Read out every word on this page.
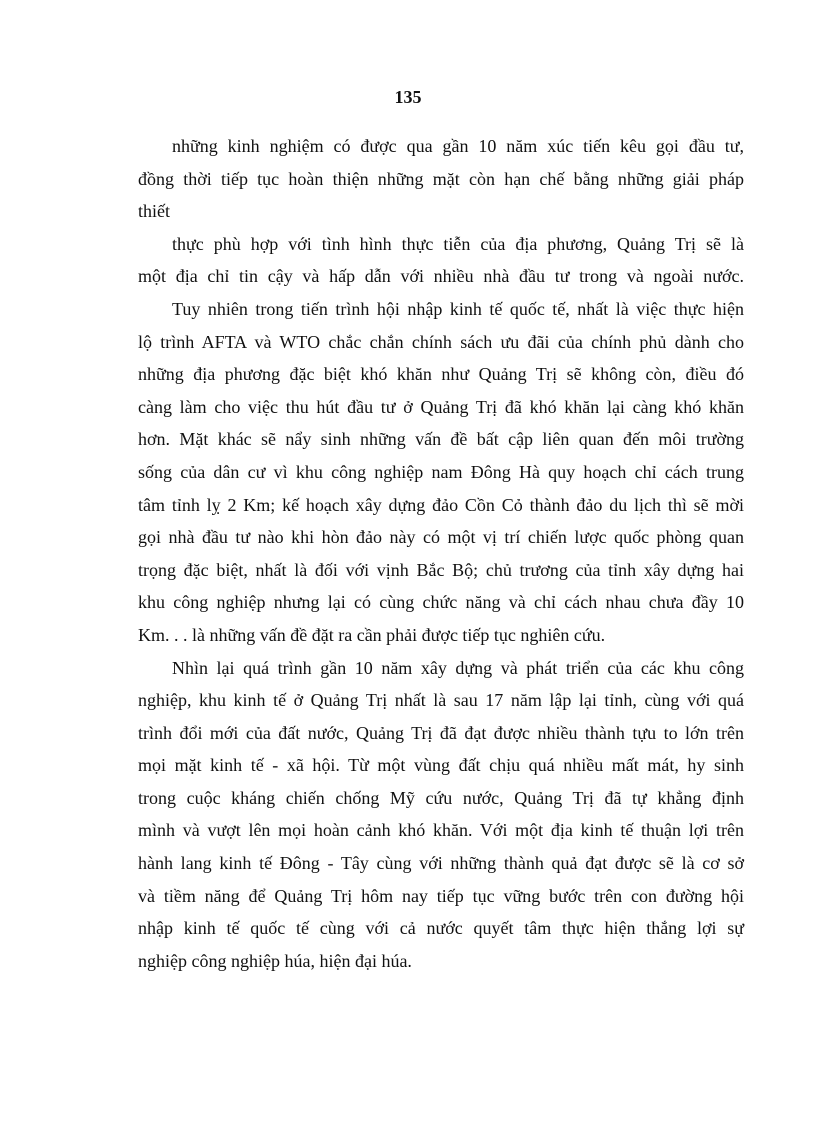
135
những kinh nghiệm có được qua gần 10 năm xúc tiến kêu gọi đầu tư,
đồng thời tiếp tục hoàn thiện những mặt còn hạn chế bằng những giải pháp
thiết
thực phù hợp với tình hình thực tiễn của địa phương, Quảng Trị sẽ là
một địa chỉ tin cậy và hấp dẫn với nhiều nhà đầu tư trong và ngoài nước.
Tuy nhiên trong tiến trình hội nhập kinh tế quốc tế, nhất là việc thực hiện
lộ trình AFTA và WTO chắc chắn chính sách ưu đãi của chính phủ dành cho
những địa phương đặc biệt khó khăn như Quảng Trị sẽ không còn, điều đó
càng làm cho việc thu hút đầu tư ở Quảng Trị đã khó khăn lại càng khó khăn
hơn. Mặt khác sẽ nẩy sinh những vấn đề bất cập liên quan đến môi trường
sống của dân cư vì khu công nghiệp nam Đông Hà quy hoạch chỉ cách trung
tâm tỉnh lỵ 2 Km; kế hoạch xây dựng đảo Cồn Cỏ thành đảo du lịch thì sẽ mời
gọi nhà đầu tư nào khi hòn đảo này có một vị trí chiến lược quốc phòng quan
trọng đặc biệt, nhất là đối với vịnh Bắc Bộ; chủ trương của tỉnh xây dựng hai
khu công nghiệp nhưng lại có cùng chức năng và chỉ cách nhau chưa đầy 10
Km. . . là những vấn đề đặt ra cần phải được tiếp tục nghiên cứu.
Nhìn lại quá trình gần 10 năm xây dựng và phát triển của các khu công
nghiệp, khu kinh tế ở Quảng Trị nhất là sau 17 năm lập lại tỉnh, cùng với quá
trình đổi mới của đất nước, Quảng Trị đã đạt được nhiều thành tựu to lớn trên
mọi mặt kinh tế - xã hội. Từ một vùng đất chịu quá nhiều mất mát, hy sinh
trong cuộc kháng chiến chống Mỹ cứu nước, Quảng Trị đã tự khẳng định
mình và vượt lên mọi hoàn cảnh khó khăn. Với một địa kinh tế thuận lợi trên
hành lang kinh tế Đông - Tây cùng với những thành quả đạt được sẽ là cơ sở
và tiềm năng để Quảng Trị hôm nay tiếp tục vững bước trên con đường hội
nhập kinh tế quốc tế cùng với cả nước quyết tâm thực hiện thắng lợi sự
nghiệp công nghiệp húa, hiện đại húa.
